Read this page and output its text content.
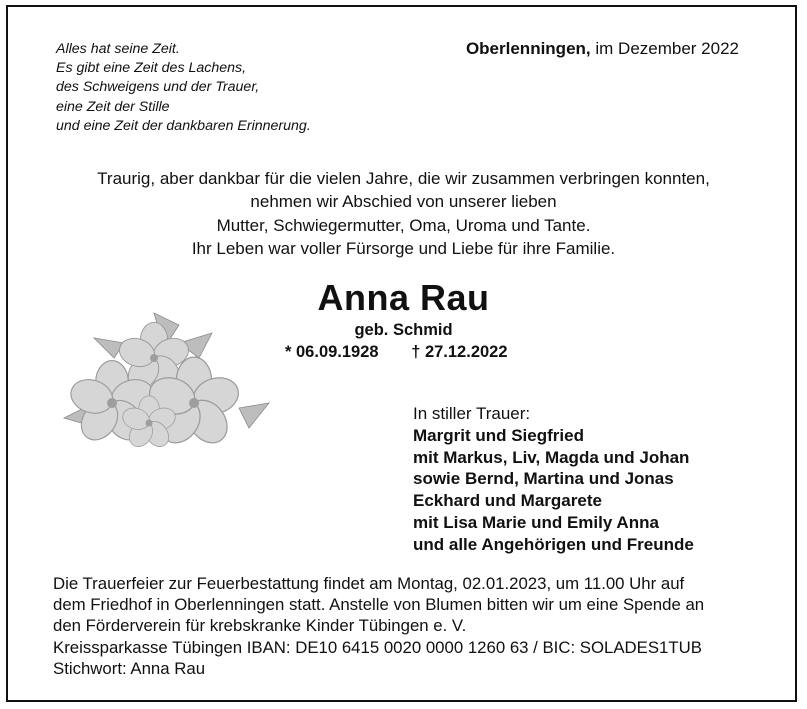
Alles hat seine Zeit.
Es gibt eine Zeit des Lachens,
des Schweigens und der Trauer,
eine Zeit der Stille
und eine Zeit der dankbaren Erinnerung.
Oberlenningen, im Dezember 2022
Traurig, aber dankbar für die vielen Jahre, die wir zusammen verbringen konnten,
nehmen wir Abschied von unserer lieben
Mutter, Schwiegermutter, Oma, Uroma und Tante.
Ihr Leben war voller Fürsorge und Liebe für ihre Familie.
Anna Rau
geb. Schmid
* 06.09.1928 † 27.12.2022
In stiller Trauer:
Margrit und Siegfried
mit Markus, Liv, Magda und Johan
sowie Bernd, Martina und Jonas
Eckhard und Margarete
mit Lisa Marie und Emily Anna
und alle Angehörigen und Freunde
Die Trauerfeier zur Feuerbestattung findet am Montag, 02.01.2023, um 11.00 Uhr auf
dem Friedhof in Oberlenningen statt. Anstelle von Blumen bitten wir um eine Spende an
den Förderverein für krebskranke Kinder Tübingen e. V.
Kreissparkasse Tübingen IBAN: DE10 6415 0020 0000 1260 63 / BIC: SOLADES1TUB
Stichwort: Anna Rau
